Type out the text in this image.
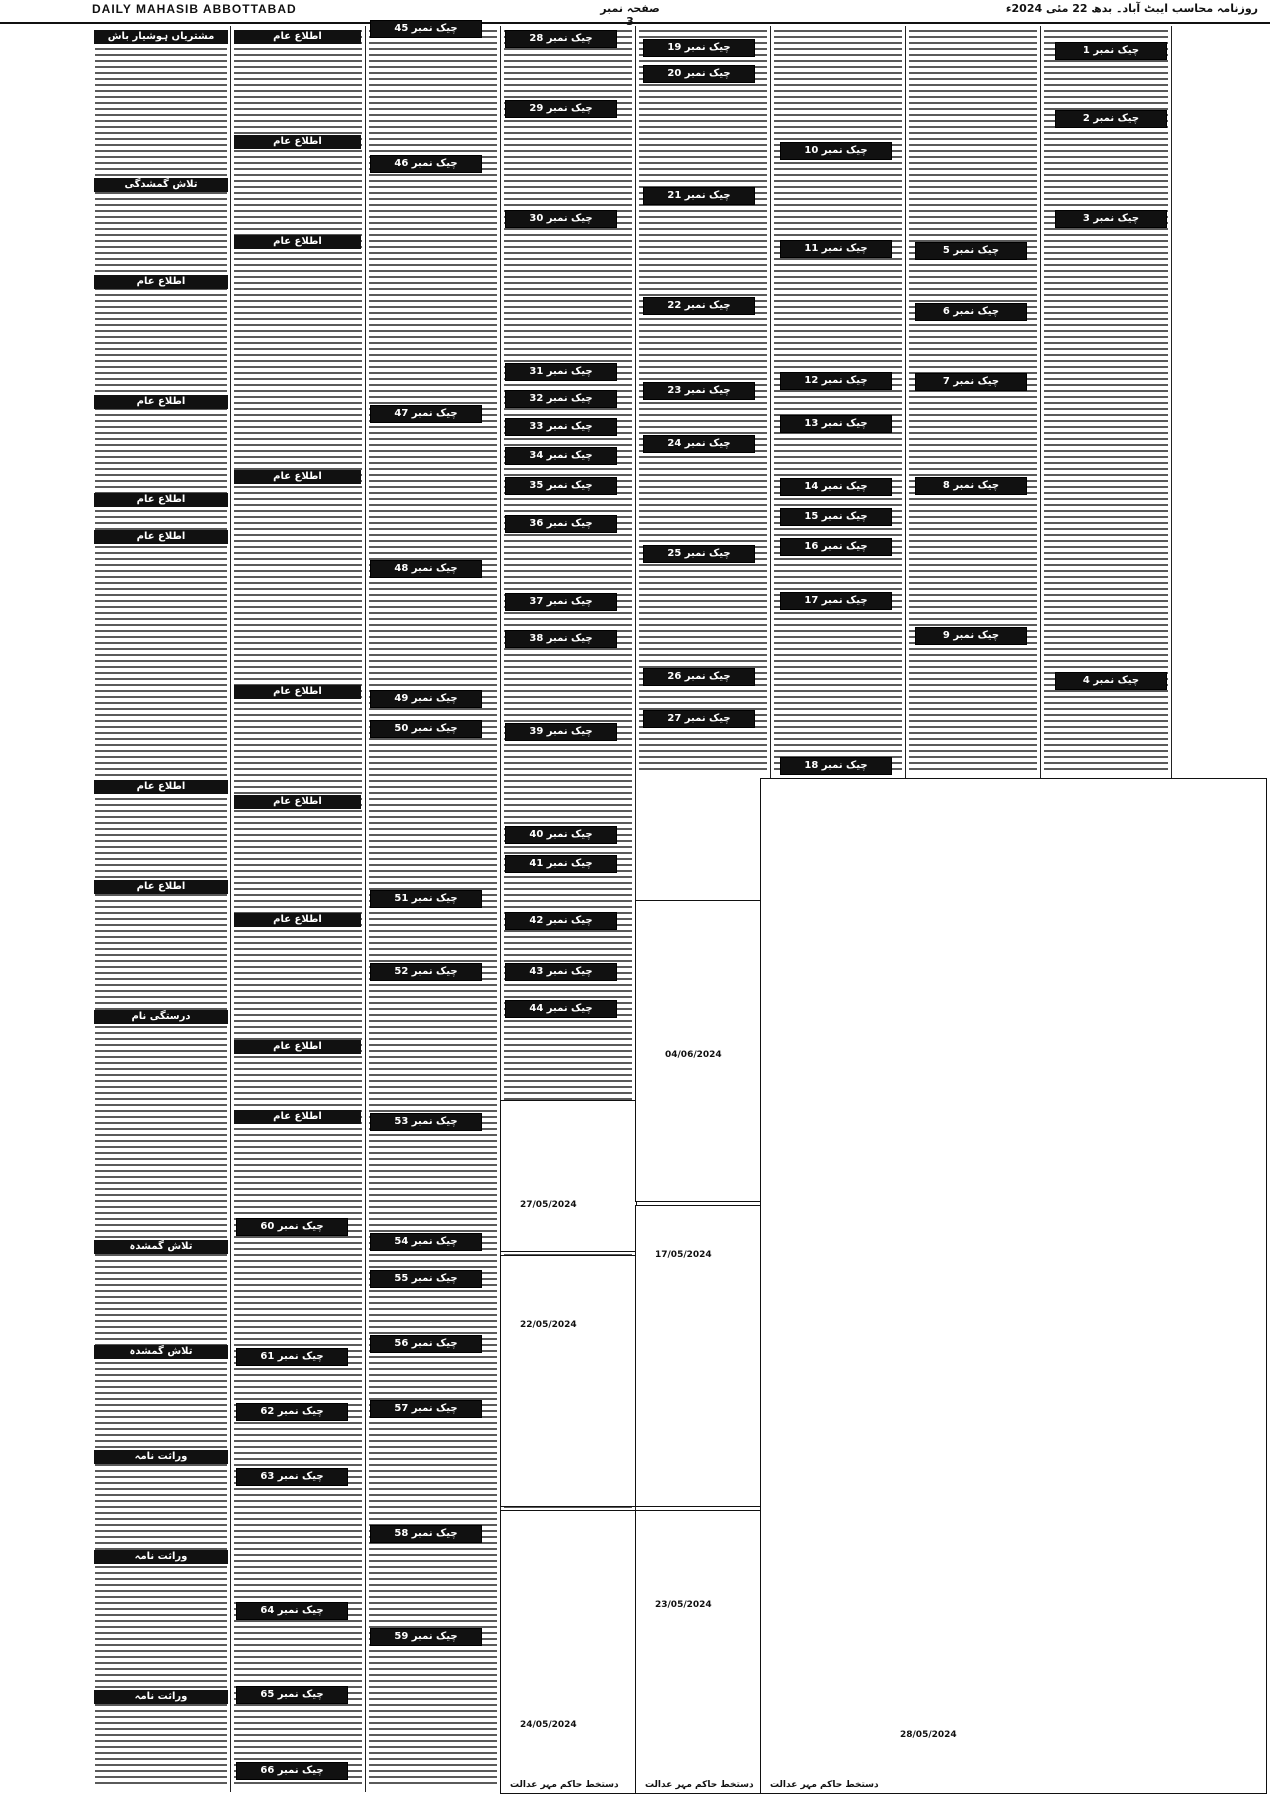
DAILY MAHASIB ABBOTTABAD	صفحہ نمبر 3
روزنامہ محاسب ایبٹ آباد۔ بدھ 22 مئی 2024ء
مشتریاں ہوشیار باش
تلاش گمشدگی
اطلاع عام
اطلاع عام
اطلاع عام
اطلاع عام
اطلاع عام
اطلاع عام
درستگی نام
تلاش گمشدہ
تلاش گمشدہ
وراثت نامہ
وراثت نامہ
وراثت نامہ
اطلاع عام
اطلاع عام
اطلاع عام
اطلاع عام
اطلاع عام
اطلاع عام
اطلاع عام
اطلاع عام
اطلاع عام
چیک نمبر 1
چیک نمبر 2
چیک نمبر 3
چیک نمبر 4
چیک نمبر 5
چیک نمبر 6
چیک نمبر 7
چیک نمبر 8
چیک نمبر 9
چیک نمبر 10
چیک نمبر 11
چیک نمبر 12
چیک نمبر 13
چیک نمبر 14
چیک نمبر 15
چیک نمبر 16
چیک نمبر 17
چیک نمبر 18
چیک نمبر 19
چیک نمبر 20
چیک نمبر 21
چیک نمبر 22
چیک نمبر 23
چیک نمبر 24
چیک نمبر 25
چیک نمبر 26
چیک نمبر 27
چیک نمبر 28
چیک نمبر 29
چیک نمبر 30
چیک نمبر 31
چیک نمبر 32
چیک نمبر 33
چیک نمبر 34
چیک نمبر 35
چیک نمبر 36
چیک نمبر 37
چیک نمبر 38
چیک نمبر 39
چیک نمبر 40
چیک نمبر 41
چیک نمبر 42
چیک نمبر 43
چیک نمبر 44
چیک نمبر 45
چیک نمبر 46
چیک نمبر 47
چیک نمبر 48
چیک نمبر 49
چیک نمبر 50
چیک نمبر 51
چیک نمبر 52
چیک نمبر 53
چیک نمبر 54
چیک نمبر 55
چیک نمبر 56
چیک نمبر 57
چیک نمبر 58
چیک نمبر 59
چیک نمبر 60
چیک نمبر 61
چیک نمبر 62
چیک نمبر 63
چیک نمبر 64
چیک نمبر 65
چیک نمبر 66
دستخط حاکم مہر عدالت	دستخط حاکم مہر عدالت دستخط حاکم مہر عدالت
27/05/2024
22/05/2024
24/05/2024
17/05/2024
23/05/2024
28/05/2024
04/06/2024
